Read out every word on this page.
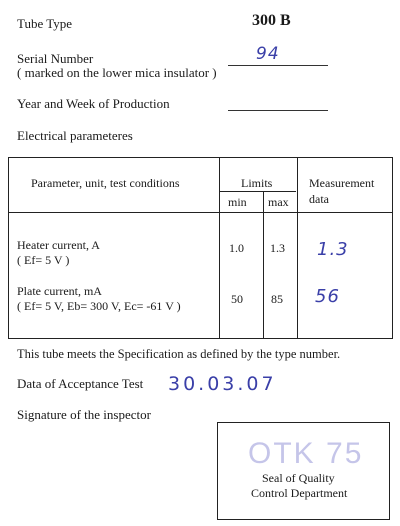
Tube Type	300 B
Serial Number
( marked on the lower mica insulator )
94
Year and Week of Production
Electrical parameteres
Parameter, unit, test conditions	Limits
min max
Measurement
data
Heater current, A
( Ef= 5 V )
1.0 1.3 1.3
Plate current, mA
( Ef= 5 V, Eb= 300 V, Ec= -61 V )	50 85 56
This tube meets the Specification as defined by the type number.
Data of Acceptance Test 30.03.07
Signature of the inspector
OTK 75
Seal of Quality
Control Department
